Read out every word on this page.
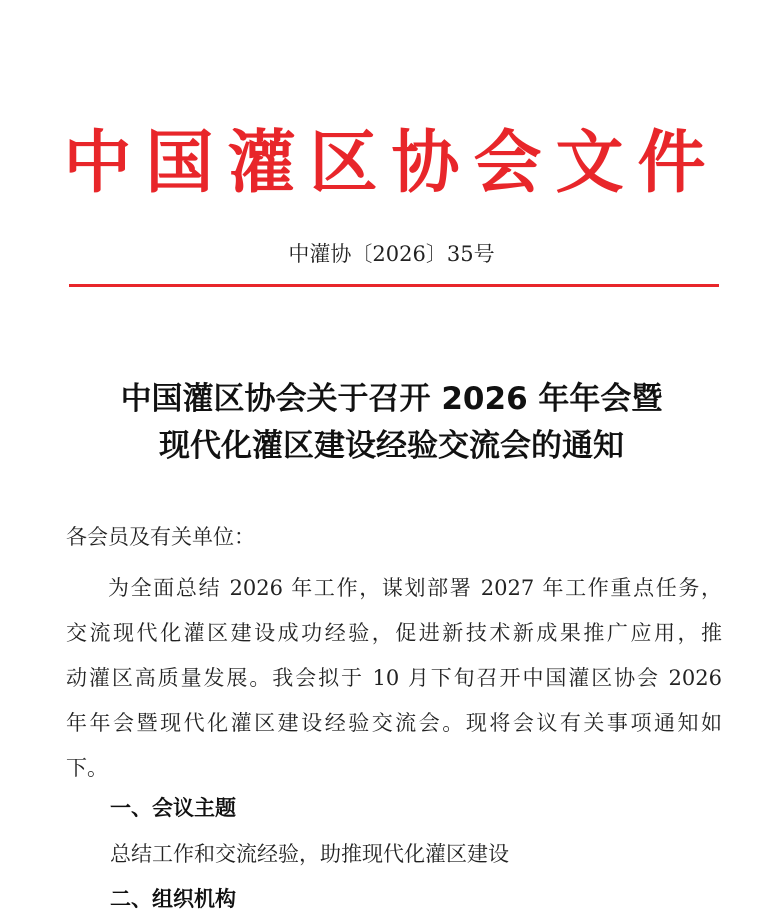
中国灌区协会文件
中灌协〔2026〕35号
中国灌区协会关于召开 2026 年年会暨
现代化灌区建设经验交流会的通知
各会员及有关单位：
为全面总结 2026 年工作，谋划部署 2027 年工作重点任务，
交流现代化灌区建设成功经验，促进新技术新成果推广应用，推
动灌区高质量发展。我会拟于 10 月下旬召开中国灌区协会 2026
年年会暨现代化灌区建设经验交流会。现将会议有关事项通知如
下。
一、会议主题
总结工作和交流经验，助推现代化灌区建设
二、组织机构
